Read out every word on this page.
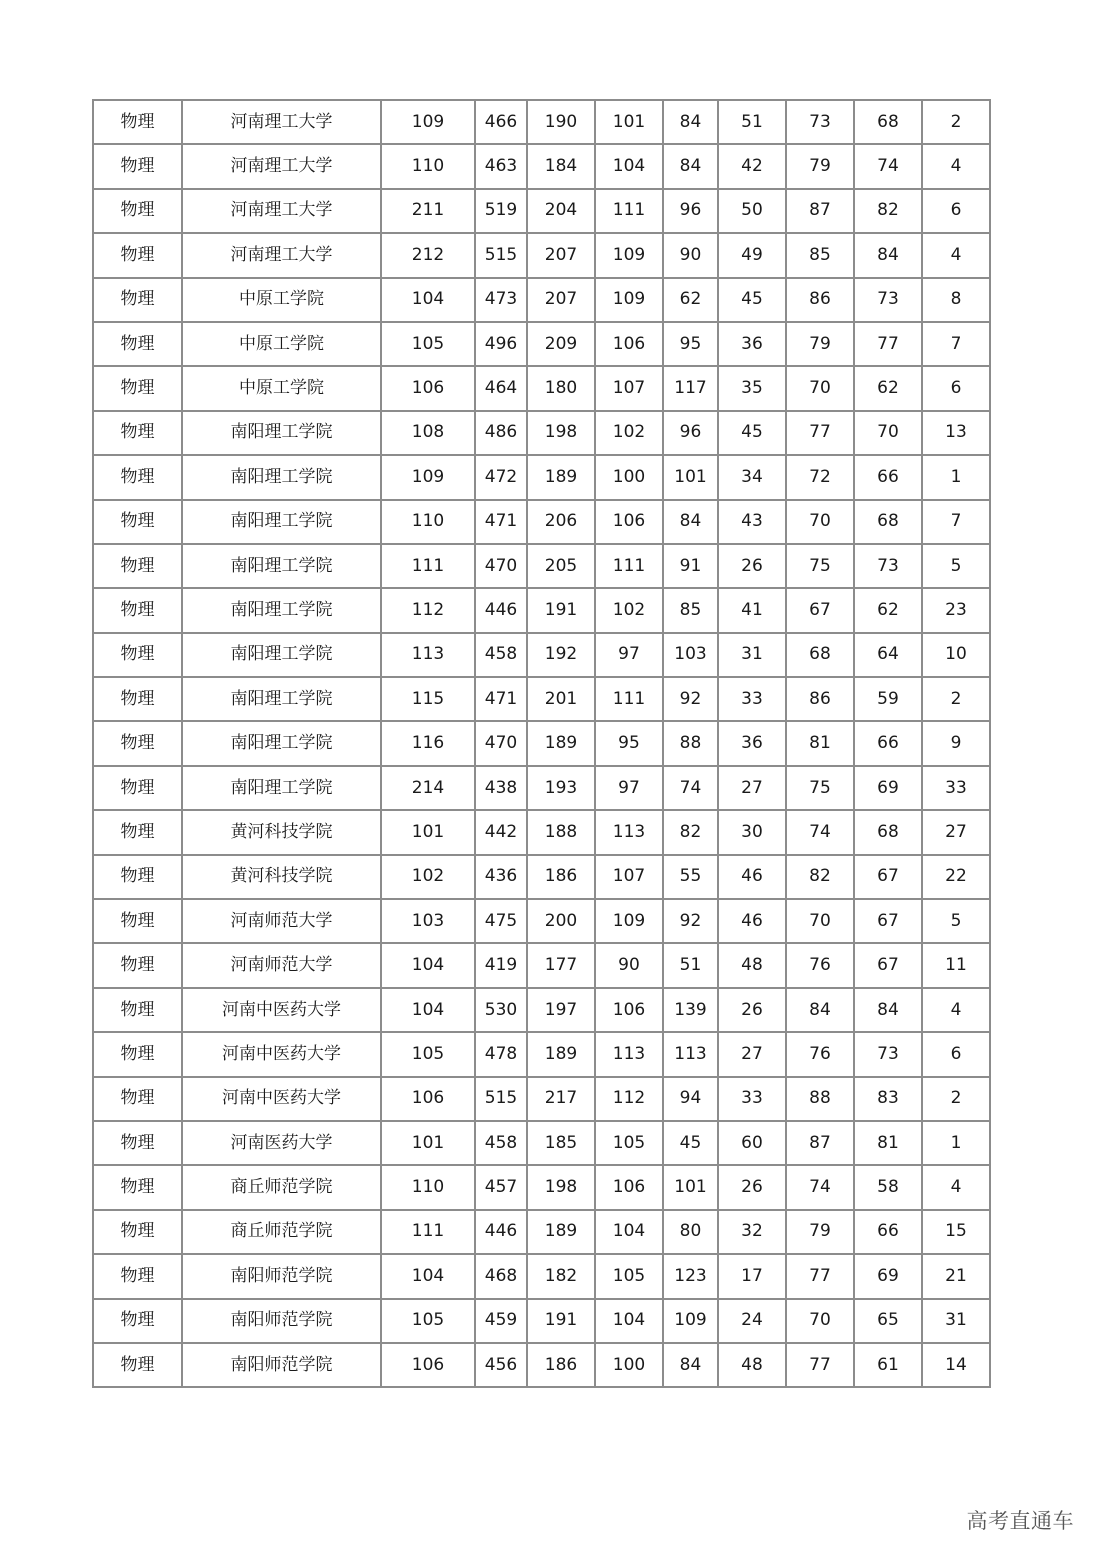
物理	河南理工大学	109	466	190	101	84	51	73	68	2
物理	河南理工大学	110	463	184	104	84	42	79	74	4
物理	河南理工大学	211	519	204	111	96	50	87	82	6
物理	河南理工大学	212	515	207	109	90	49	85	84	4
物理	中原工学院	104	473	207	109	62	45	86	73	8
物理	中原工学院	105	496	209	106	95	36	79	77	7
物理	中原工学院	106	464	180	107	117	35	70	62	6
物理	南阳理工学院	108	486	198	102	96	45	77	70	13
物理	南阳理工学院	109	472	189	100	101	34	72	66	1
物理	南阳理工学院	110	471	206	106	84	43	70	68	7
物理	南阳理工学院	111	470	205	111	91	26	75	73	5
物理	南阳理工学院	112	446	191	102	85	41	67	62	23
物理	南阳理工学院	113	458	192	97	103	31	68	64	10
物理	南阳理工学院	115	471	201	111	92	33	86	59	2
物理	南阳理工学院	116	470	189	95	88	36	81	66	9
物理	南阳理工学院	214	438	193	97	74	27	75	69	33
物理	黄河科技学院	101	442	188	113	82	30	74	68	27
物理	黄河科技学院	102	436	186	107	55	46	82	67	22
物理	河南师范大学	103	475	200	109	92	46	70	67	5
物理	河南师范大学	104	419	177	90	51	48	76	67	11
物理	河南中医药大学	104	530	197	106	139	26	84	84	4
物理	河南中医药大学	105	478	189	113	113	27	76	73	6
物理	河南中医药大学	106	515	217	112	94	33	88	83	2
物理	河南医药大学	101	458	185	105	45	60	87	81	1
物理	商丘师范学院	110	457	198	106	101	26	74	58	4
物理	商丘师范学院	111	446	189	104	80	32	79	66	15
物理	南阳师范学院	104	468	182	105	123	17	77	69	21
物理	南阳师范学院	105	459	191	104	109	24	70	65	31
物理	南阳师范学院	106	456	186	100	84	48	77	61	14
高考直通车
